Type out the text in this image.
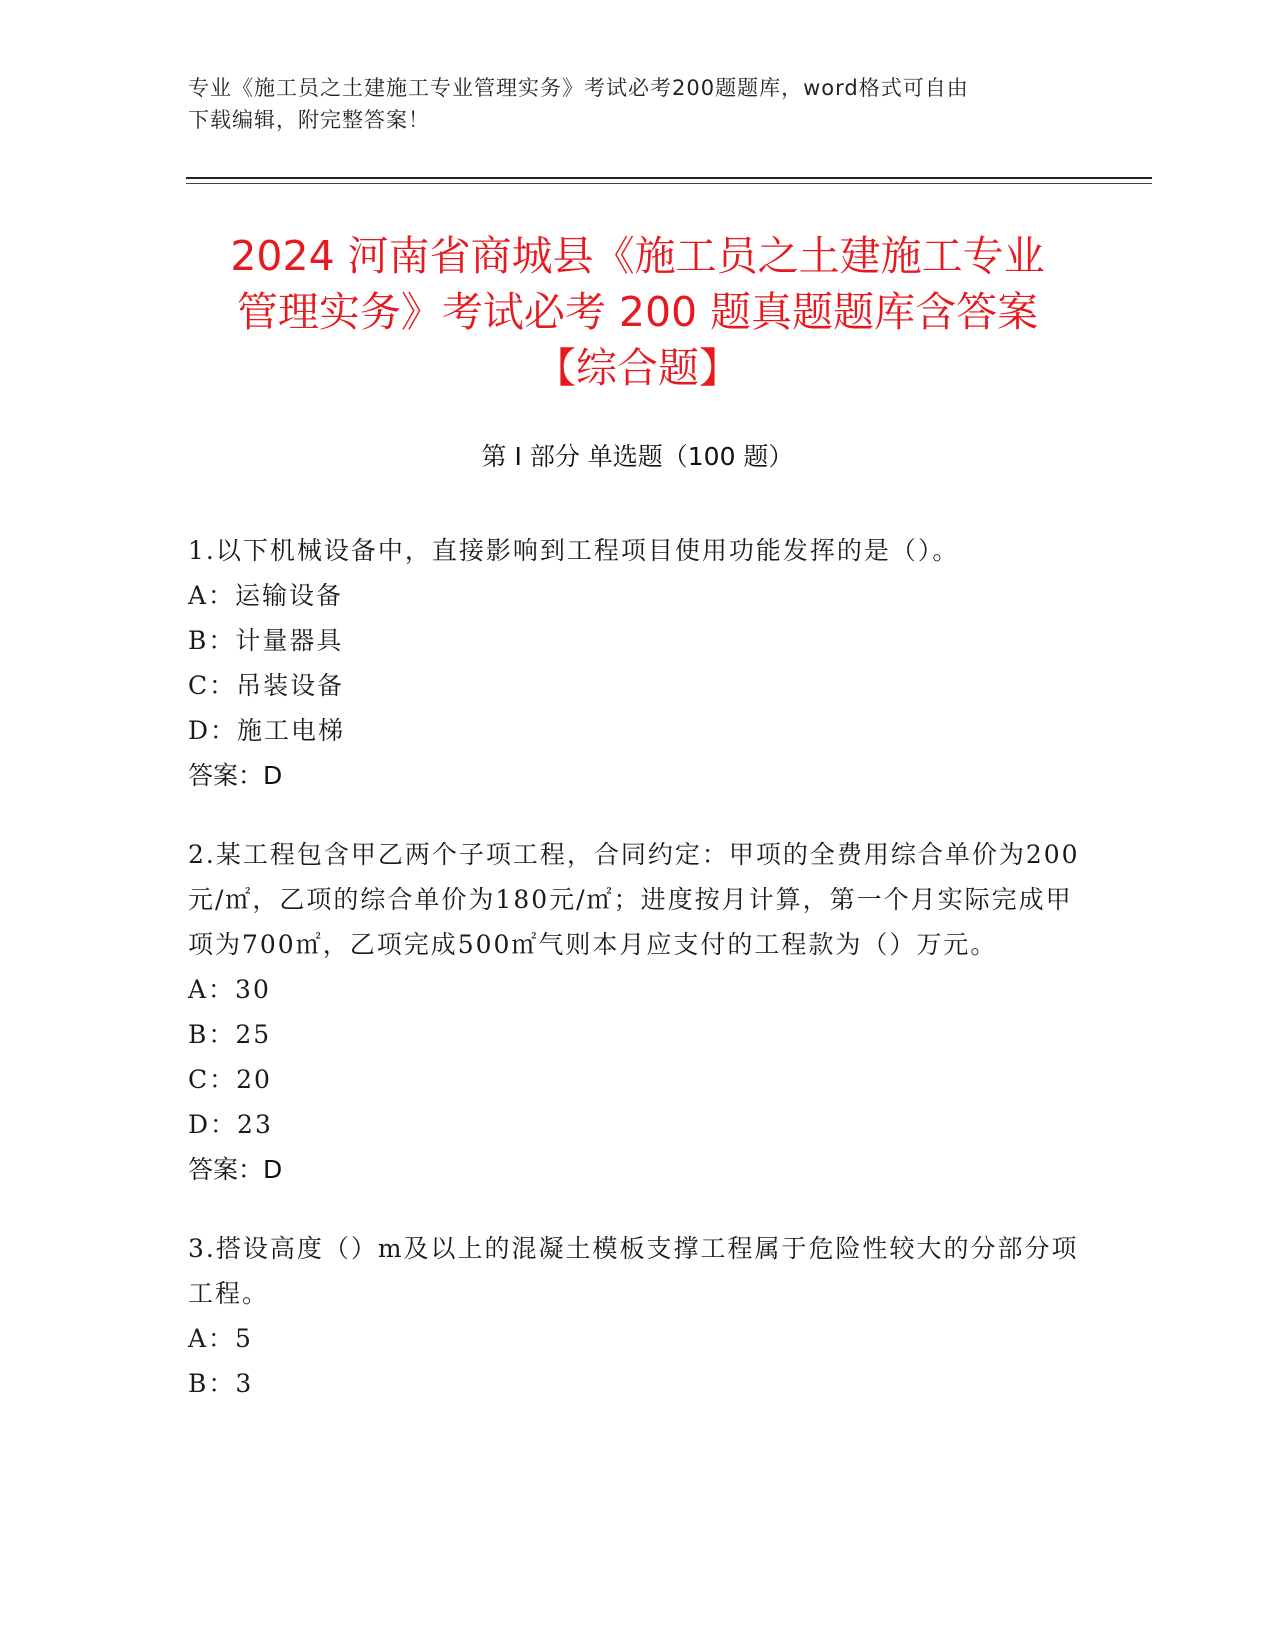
专业《施工员之土建施工专业管理实务》考试必考200题题库，word格式可自由
下载编辑，附完整答案！
2024 河南省商城县《施工员之土建施工专业
管理实务》考试必考 200 题真题题库含答案
【综合题】
第 I 部分 单选题（100 题）

1.以下机械设备中，直接影响到工程项目使用功能发挥的是（）。

A：运输设备

B：计量器具

C：吊装设备

D：施工电梯

答案：D

2.某工程包含甲乙两个子项工程，合同约定：甲项的全费用综合单价为200元/㎡，乙项的综合单价为180元/㎡；进度按月计算，第一个月实际完成甲项为700㎡，乙项完成500㎡气则本月应支付的工程款为（）万元。

A：30

B：25

C：20

D：23

答案：D

3.搭设高度（）m及以上的混凝土模板支撑工程属于危险性较大的分部分项工程。

A：5

B：3
